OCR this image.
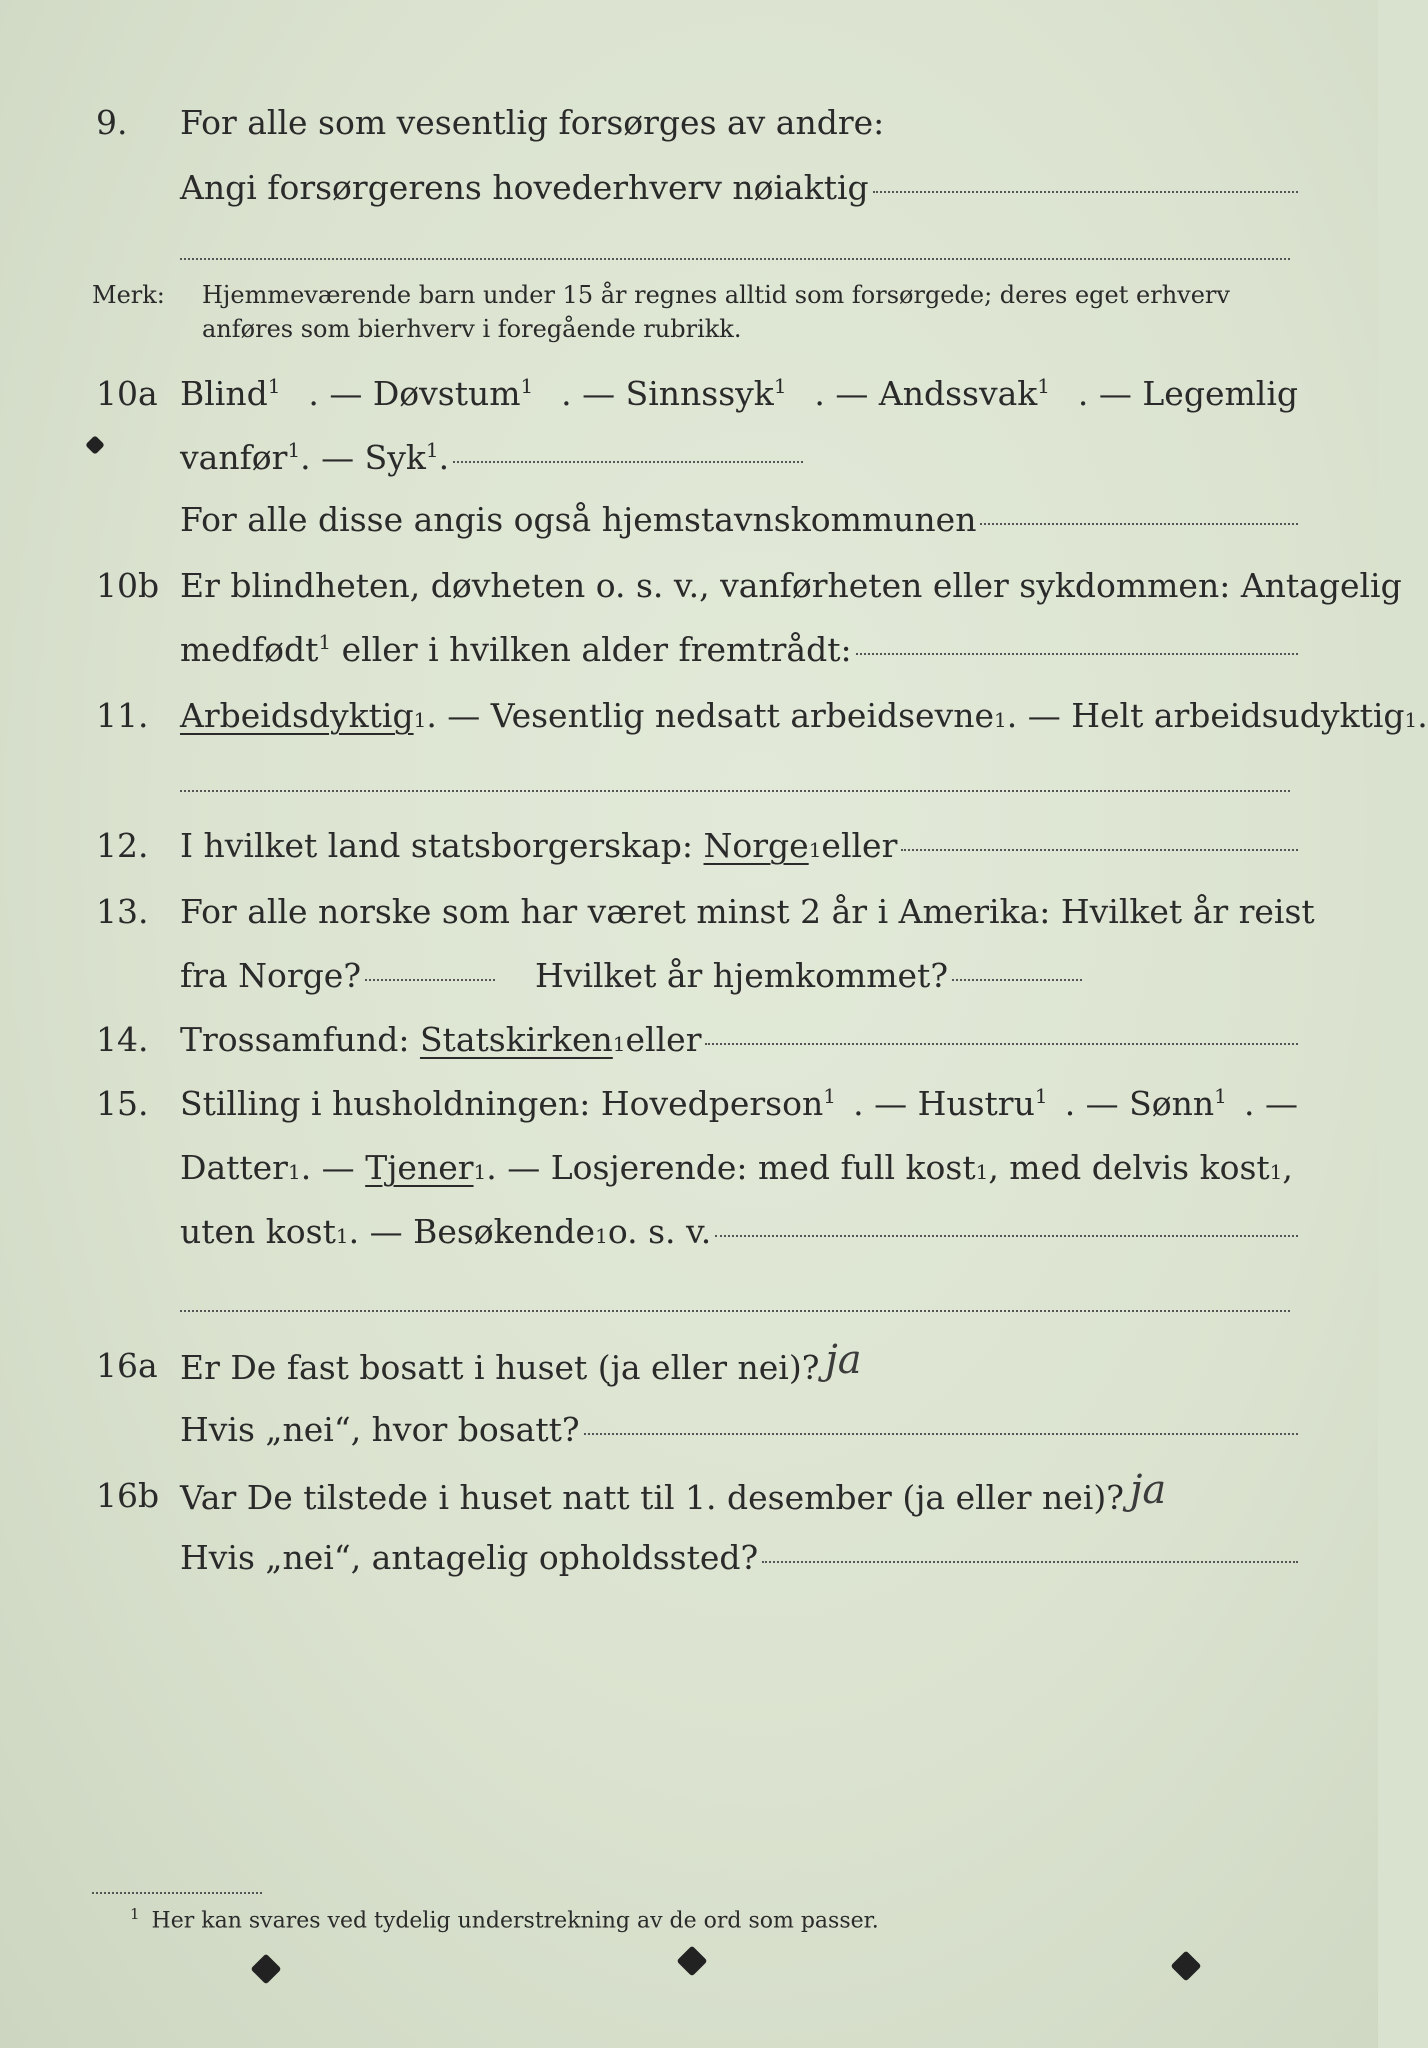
9. For alle som vesentlig forsørges av andre:
Angi forsørgerens hovederhverv nøiaktig
Merk: Hjemmeværende barn under 15 år regnes alltid som forsørgede; deres eget erhverv
anføres som bierhverv i foregående rubrikk.
10a Blind$^1$ . — Døvstum$^1$ . — Sinnssyk$^1$ . — Andssvak$^1$ . — Legemlig
vanfør$^1$ . — Syk$^1$.
For alle disse angis også hjemstavnskommunen
10b Er blindheten, døvheten o. s. v., vanførheten eller sykdommen: Antagelig
medfødt$^1$ eller i hvilken alder fremtrådt:
11. Arbeidsdyktig 1 . — Vesentlig nedsatt arbeidsevne 1 . — Helt arbeidsudyktig 1 .
12. I hvilket land statsborgerskap:
Norge 1 eller
13. For alle norske som har været minst 2 år i Amerika: Hvilket år reist
fra Norge?	Hvilket år hjemkommet?
14. Trossamfund:
Statskirken 1 eller
15. Stilling i husholdningen: Hovedperson$^1$ . — Hustru$^1$ . — Sønn$^1$ . —
Datter 1 . —
Tjener 1 . — Losjerende: med full kost 1 , med delvis kost 1 ,
uten kost 1 . — Besøkende 1 o. s. v.
16a Er De fast bosatt i huset (ja eller nei)? ja
Hvis „nei“, hvor bosatt?
16b Var De tilstede i huset natt til 1. desember (ja eller nei)? ja
Hvis „nei“, antagelig opholdssted?
$^1$ Her kan svares ved tydelig understrekning av de ord som passer.
